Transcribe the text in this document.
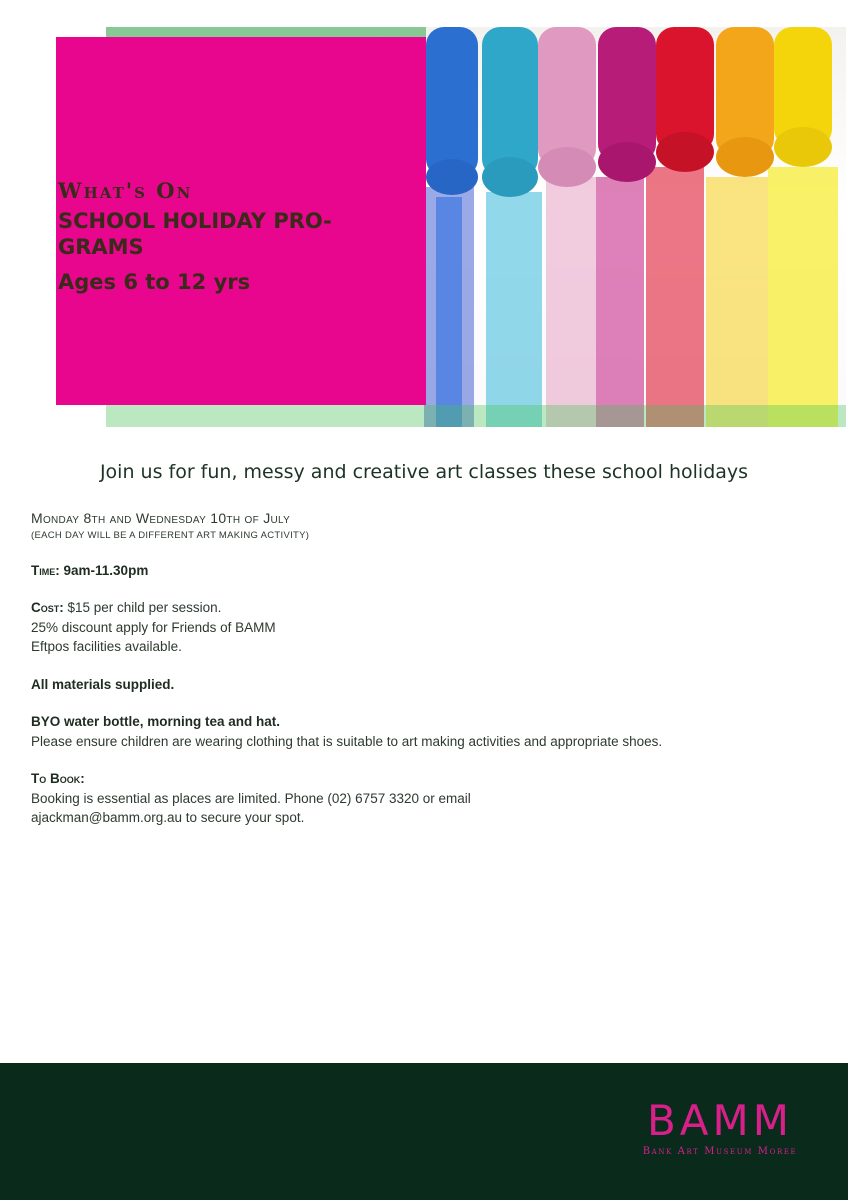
What's On
SCHOOL HOLIDAY PRO-GRAMS
Ages 6 to 12 yrs
Join us for fun, messy and creative art classes these school holidays

Monday 8th and Wednesday 10th of July

(EACH DAY WILL BE A DIFFERENT ART MAKING ACTIVITY)

Time: 9am-11.30pm

Cost: $15 per child per session.

25% discount apply for Friends of BAMM

Eftpos facilities available.

All materials supplied.

BYO water bottle, morning tea and hat.

Please ensure children are wearing clothing that is suitable to art making activities and appropriate shoes.

To Book:

Booking is essential as places are limited. Phone (02) 6757 3320 or email

ajackman@bamm.org.au to secure your spot.

BAMM
Bank Art Museum Moree
